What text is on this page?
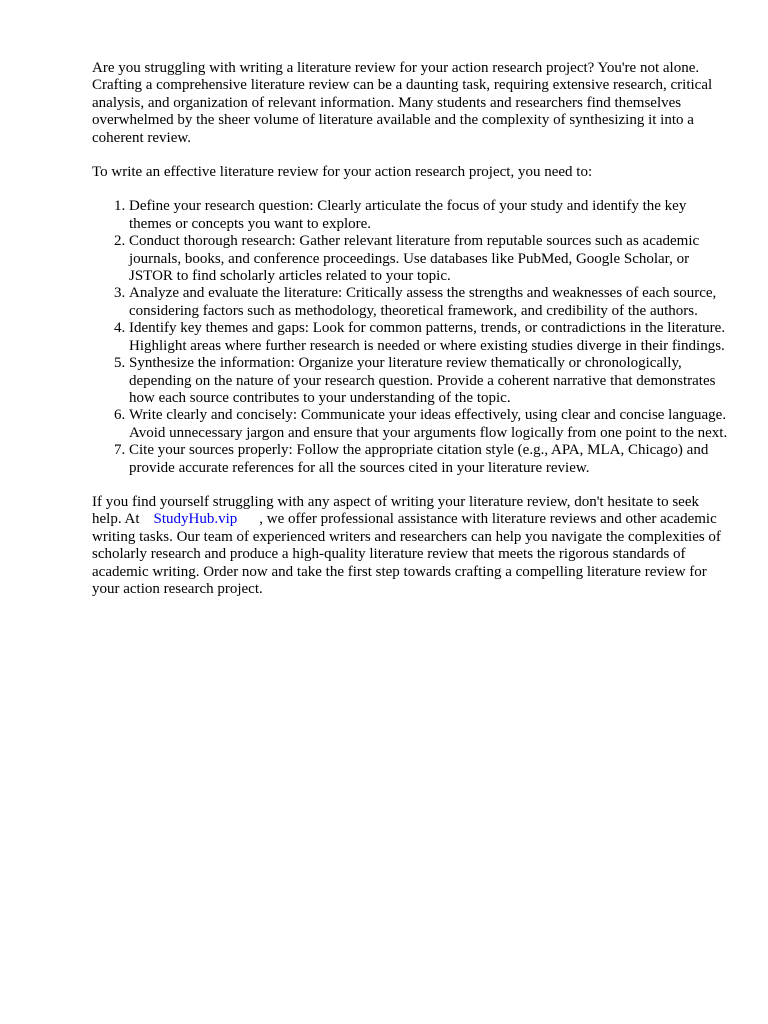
Are you struggling with writing a literature review for your action research project? You're not alone. Crafting a comprehensive literature review can be a daunting task, requiring extensive research, critical analysis, and organization of relevant information. Many students and researchers find themselves overwhelmed by the sheer volume of literature available and the complexity of synthesizing it into a coherent review.

To write an effective literature review for your action research project, you need to:

1. Define your research question: Clearly articulate the focus of your study and identify the key themes or concepts you want to explore.
2. Conduct thorough research: Gather relevant literature from reputable sources such as academic journals, books, and conference proceedings. Use databases like PubMed, Google Scholar, or JSTOR to find scholarly articles related to your topic.
3. Analyze and evaluate the literature: Critically assess the strengths and weaknesses of each source, considering factors such as methodology, theoretical framework, and credibility of the authors.
4. Identify key themes and gaps: Look for common patterns, trends, or contradictions in the literature. Highlight areas where further research is needed or where existing studies diverge in their findings.
5. Synthesize the information: Organize your literature review thematically or chronologically, depending on the nature of your research question. Provide a coherent narrative that demonstrates how each source contributes to your understanding of the topic.
6. Write clearly and concisely: Communicate your ideas effectively, using clear and concise language. Avoid unnecessary jargon and ensure that your arguments flow logically from one point to the next.
7. Cite your sources properly: Follow the appropriate citation style (e.g., APA, MLA, Chicago) and provide accurate references for all the sources cited in your literature review.

If you find yourself struggling with any aspect of writing your literature review, don't hesitate to seek help. At StudyHub.vip , we offer professional assistance with literature reviews and other academic writing tasks. Our team of experienced writers and researchers can help you navigate the complexities of scholarly research and produce a high-quality literature review that meets the rigorous standards of academic writing. Order now and take the first step towards crafting a compelling literature review for your action research project.
